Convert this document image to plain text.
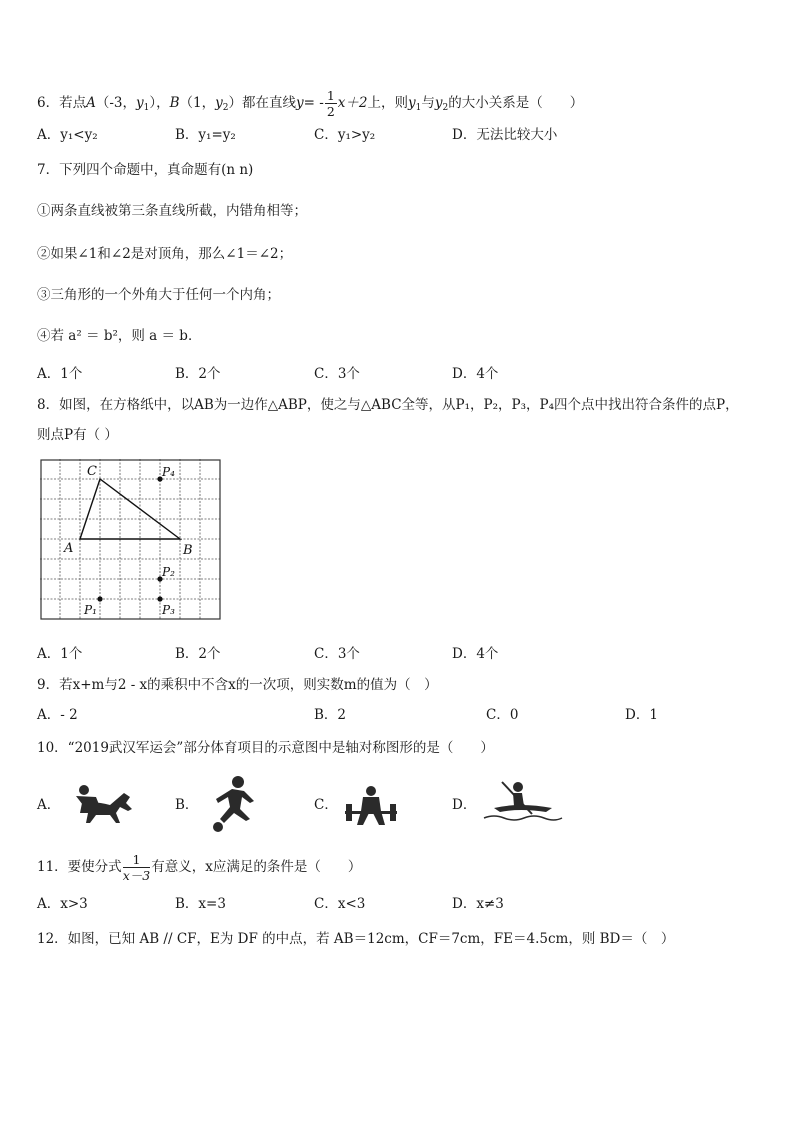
6．若点A（-3，$y_1$），B（1，$y_2$）都在直线$y= - \frac{1}{2} x+2$上，则$y_1$与$y_2$的大小关系是（　　）
A．y₁<y₂	B．y₁=y₂	C．y₁>y₂	D．无法比较大小
7．下列四个命题中，真命题有(n n)
①两条直线被第三条直线所截，内错角相等；
②如果∠1和∠2是对顶角，那么∠1＝∠2；
③三角形的一个外角大于任何一个内角；
④若 a² ＝ b²，则 a ＝ b．
A．1个	B．2个	C．3个	D．4个
8．如图，在方格纸中，以AB为一边作△ABP，使之与△ABC全等，从P₁，P₂，P₃，P₄四个点中找出符合条件的点P，
则点P有（ ）
C
A	B
P₄
P₂
P₁	P₃
A．1个	B．2个	C．3个	D．4个
9．若x+m与2 - x的乘积中不含x的一次项，则实数m的值为（　）
A．- 2	B．2	C．0	D．1
10．“2019武汉军运会”部分体育项目的示意图中是轴对称图形的是（　　）
A．	B．	C．	D．
11．要使分式 $\frac{1}{x-3}$ 有意义，x应满足的条件是（　　）
A．x>3	B．x=3	C．x<3	D．x≠3
12．如图，已知 AB // CF，E为 DF 的中点，若 AB＝12cm，CF＝7cm，FE＝4.5cm，则 BD＝（　）
